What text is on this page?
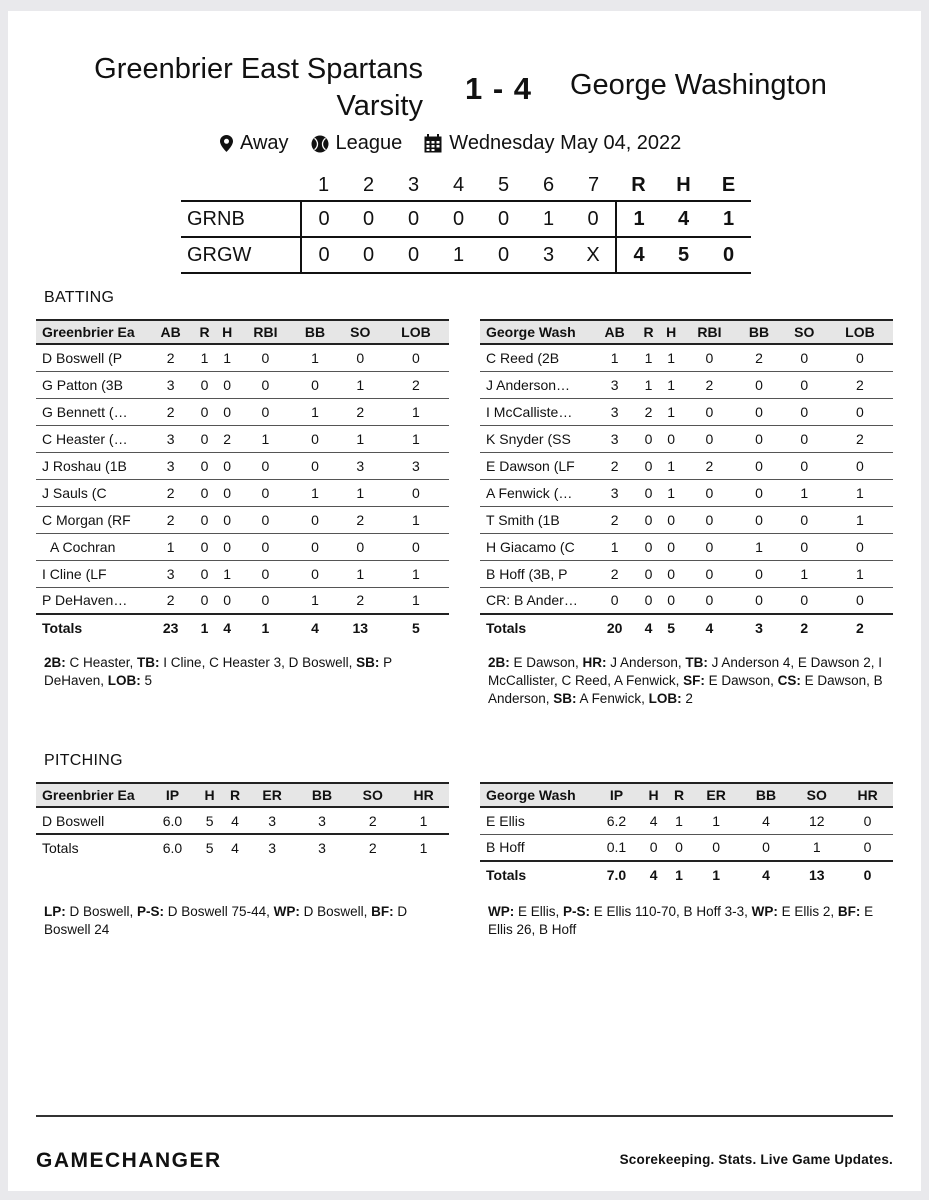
Greenbrier East Spartans
Varsity 1 - 4 George Washington
Away League Wednesday May 04, 2022
	1	2	3	4	5	6	7	R	H	E
GRNB	0	0	0	0	0	1	0	1	4	1
GRGW	0	0	0	1	0	3	X	4	5	0
BATTING
Greenbrier Ea	AB	R	H	RBI	BB	SO	LOB
D Boswell (P	2	1	1	0	1	0	0
G Patton (3B	3	0	0	0	0	1	2
G Bennett (…	2	0	0	0	1	2	1
C Heaster (…	3	0	2	1	0	1	1
J Roshau (1B	3	0	0	0	0	3	3
J Sauls (C	2	0	0	0	1	1	0
C Morgan (RF	2	0	0	0	0	2	1
A Cochran	1	0	0	0	0	0	0
I Cline (LF	3	0	1	0	0	1	1
P DeHaven…	2	0	0	0	1	2	1
Totals	23	1	4	1	4	13	5
George Wash	AB	R	H	RBI	BB	SO	LOB
C Reed (2B	1	1	1	0	2	0	0
J Anderson…	3	1	1	2	0	0	2
I McCalliste…	3	2	1	0	0	0	0
K Snyder (SS	3	0	0	0	0	0	2
E Dawson (LF	2	0	1	2	0	0	0
A Fenwick (…	3	0	1	0	0	1	1
T Smith (1B	2	0	0	0	0	0	1
H Giacamo (C	1	0	0	0	1	0	0
B Hoff (3B, P	2	0	0	0	0	1	1
CR: B Ander…	0	0	0	0	0	0	0
Totals	20	4	5	4	3	2	2
2B: C Heaster, TB: I Cline, C Heaster 3, D Boswell, SB: P DeHaven, LOB: 5
2B: E Dawson, HR: J Anderson, TB: J Anderson 4, E Dawson 2, I McCallister, C Reed, A Fenwick, SF: E Dawson, CS: E Dawson, B Anderson, SB: A Fenwick, LOB: 2
PITCHING
Greenbrier Ea	IP	H	R	ER	BB	SO	HR
D Boswell	6.0	5	4	3	3	2	1
Totals	6.0	5	4	3	3	2	1
George Wash	IP	H	R	ER	BB	SO	HR
E Ellis	6.2	4	1	1	4	12	0
B Hoff	0.1	0	0	0	0	1	0
Totals	7.0	4	1	1	4	13	0
LP: D Boswell, P-S: D Boswell 75-44, WP: D Boswell, BF: D Boswell 24
WP: E Ellis, P-S: E Ellis 110-70, B Hoff 3-3, WP: E Ellis 2, BF: E Ellis 26, B Hoff
GAMECHANGER	Scorekeeping. Stats. Live Game Updates.
